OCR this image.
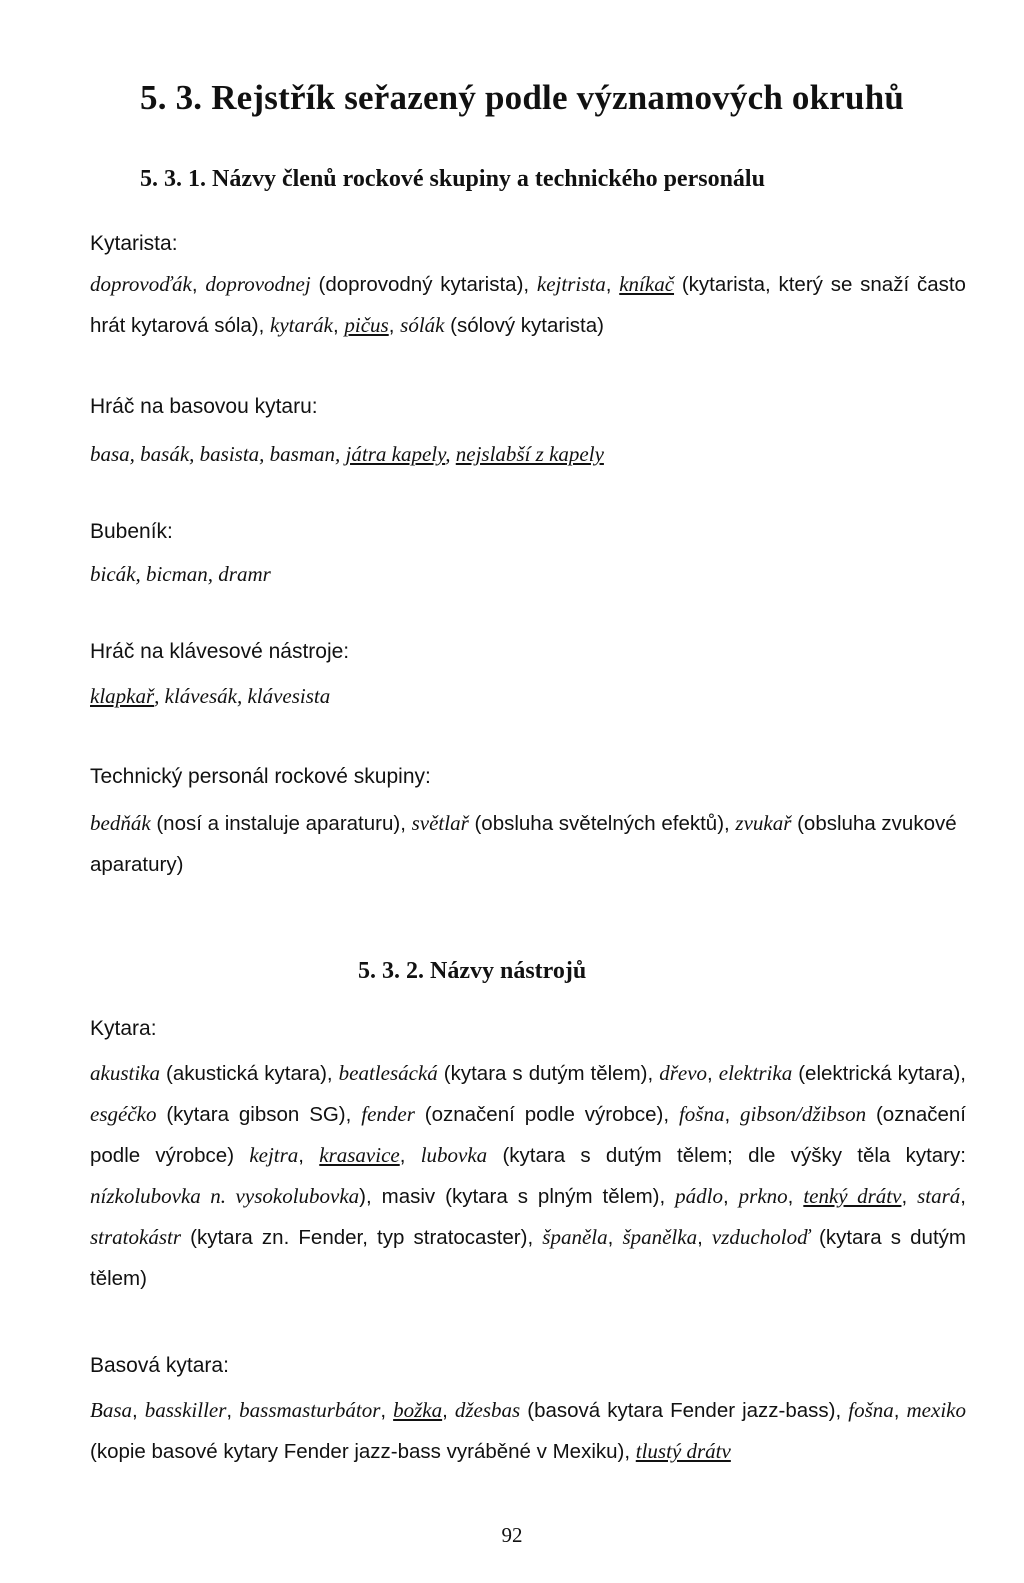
5. 3. Rejstřík seřazený podle významových okruhů
5. 3. 1. Názvy členů rockové skupiny a technického personálu

Kytarista:

doprovoďák, doprovodnej (doprovodný kytarista), kejtrista, kníkač (kytarista, který se snaží často hrát kytarová sóla), kytarák, pičus, sólák (sólový kytarista)

Hráč na basovou kytaru:

basa, basák, basista, basman, játra kapely, nejslabší z kapely

Bubeník:

bicák, bicman, dramr

Hráč na klávesové nástroje:

klapkař, klávesák, klávesista

Technický personál rockové skupiny:

bedňák (nosí a instaluje aparaturu), světlař (obsluha světelných efektů), zvukař (obsluha zvukové aparatury)

5. 3. 2. Názvy nástrojů

Kytara:

akustika (akustická kytara), beatlesácká (kytara s dutým tělem), dřevo, elektrika (elektrická kytara), esgéčko (kytara gibson SG), fender (označení podle výrobce), fošna, gibson/džibson (označení podle výrobce) kejtra, krasavice, lubovka (kytara s dutým tělem; dle výšky těla kytary: nízkolubovka n. vysokolubovka), masiv (kytara s plným tělem), pádlo, prkno, tenký drátv, stará, stratokástr (kytara zn. Fender, typ stratocaster), španěla, španělka, vzducholoď (kytara s dutým tělem)

Basová kytara:

Basa, basskiller, bassmasturbátor, božka, džesbas (basová kytara Fender jazz-bass), fošna, mexiko (kopie basové kytary Fender jazz-bass vyráběné v Mexiku), tlustý drátv

92
